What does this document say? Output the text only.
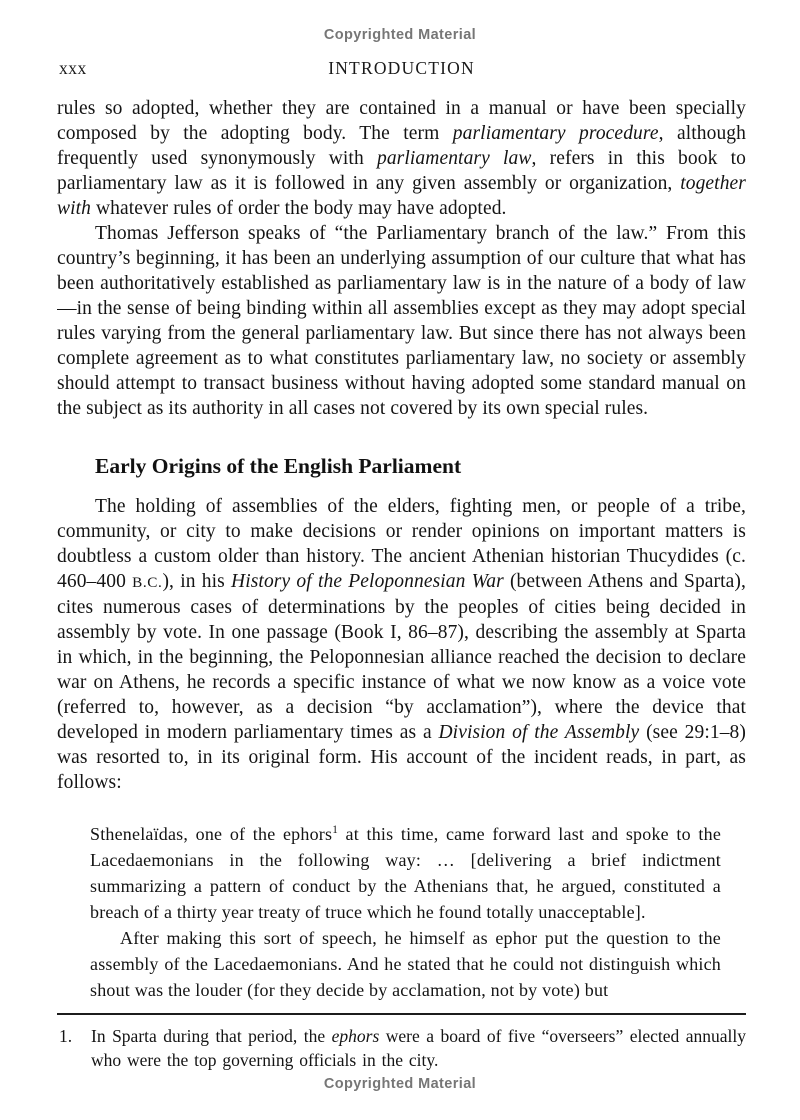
Copyrighted Material
xxx	INTRODUCTION

rules so adopted, whether they are contained in a manual or have been specially composed by the adopting body. The term parliamentary procedure, although frequently used synonymously with parliamentary law, refers in this book to parliamentary law as it is followed in any given assembly or organization, together with whatever rules of order the body may have adopted.

Thomas Jefferson speaks of “the Parliamentary branch of the law.” From this country’s beginning, it has been an underlying assumption of our culture that what has been authoritatively established as parliamentary law is in the nature of a body of law—in the sense of being binding within all assemblies except as they may adopt special rules varying from the general parliamentary law. But since there has not always been complete agreement as to what constitutes parliamentary law, no society or assembly should attempt to transact business without having adopted some standard manual on the subject as its authority in all cases not covered by its own special rules.

Early Origins of the English Parliament

The holding of assemblies of the elders, fighting men, or people of a tribe, community, or city to make decisions or render opinions on important matters is doubtless a custom older than history. The ancient Athenian historian Thucydides (c. 460–400 B.C.), in his History of the Peloponnesian War (between Athens and Sparta), cites numerous cases of determinations by the peoples of cities being decided in assembly by vote. In one passage (Book I, 86–87), describing the assembly at Sparta in which, in the beginning, the Peloponnesian alliance reached the decision to declare war on Athens, he records a specific instance of what we now know as a voice vote (referred to, however, as a decision “by acclamation”), where the device that developed in modern parliamentary times as a Division of the Assembly (see 29:1–8) was resorted to, in its original form. His account of the incident reads, in part, as follows:

Sthenelaïdas, one of the ephors$^1$ at this time, came forward last and spoke to the Lacedaemonians in the following way: … [delivering a brief indictment summarizing a pattern of conduct by the Athenians that, he argued, constituted a breach of a thirty year treaty of truce which he found totally unacceptable].

After making this sort of speech, he himself as ephor put the question to the assembly of the Lacedaemonians. And he stated that he could not distinguish which shout was the louder (for they decide by acclamation, not by vote) but

1.	In Sparta during that period, the ephors were a board of five “overseers” elected annually who were the top governing officials in the city.
Copyrighted Material
